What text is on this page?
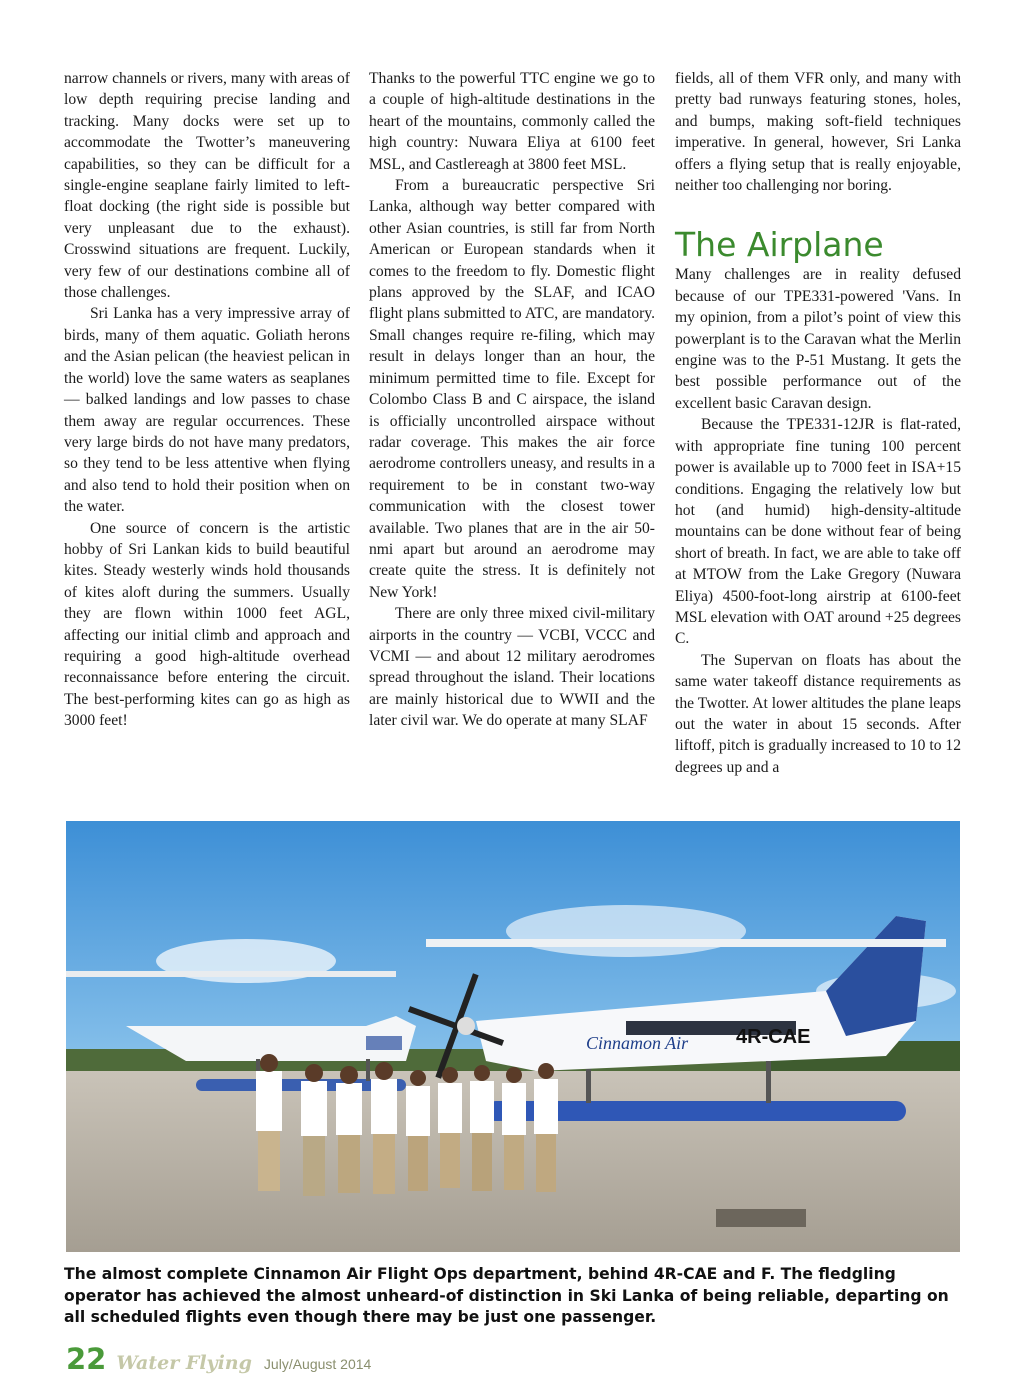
narrow channels or rivers, many with areas of low depth requiring precise landing and tracking. Many docks were set up to accommodate the Twotter’s maneuvering capabilities, so they can be difficult for a single-engine seaplane fairly limited to left-float docking (the right side is possible but very unpleasant due to the exhaust). Crosswind situations are frequent. Luckily, very few of our destinations combine all of those challenges.

Sri Lanka has a very impressive array of birds, many of them aquatic. Goliath herons and the Asian pelican (the heaviest pelican in the world) love the same waters as seaplanes — balked landings and low passes to chase them away are regular occurrences. These very large birds do not have many predators, so they tend to be less attentive when flying and also tend to hold their position when on the water.

One source of concern is the artistic hobby of Sri Lankan kids to build beautiful kites. Steady westerly winds hold thousands of kites aloft during the summers. Usually they are flown within 1000 feet AGL, affecting our initial climb and approach and requiring a good high-altitude overhead reconnaissance before entering the circuit. The best-performing kites can go as high as 3000 feet!

Thanks to the powerful TTC engine we go to a couple of high-altitude destinations in the heart of the mountains, commonly called the high country: Nuwara Eliya at 6100 feet MSL, and Castlereagh at 3800 feet MSL.

From a bureaucratic perspective Sri Lanka, although way better compared with other Asian countries, is still far from North American or European standards when it comes to the freedom to fly. Domestic flight plans approved by the SLAF, and ICAO flight plans submitted to ATC, are mandatory. Small changes require re-filing, which may result in delays longer than an hour, the minimum permitted time to file. Except for Colombo Class B and C airspace, the island is officially uncontrolled airspace without radar coverage. This makes the air force aerodrome controllers uneasy, and results in a requirement to be in constant two-way communication with the closest tower available. Two planes that are in the air 50-nmi apart but around an aerodrome may create quite the stress. It is definitely not New York!

There are only three mixed civil-military airports in the country — VCBI, VCCC and VCMI — and about 12 military aerodromes spread throughout the island. Their locations are mainly historical due to WWII and the later civil war. We do operate at many SLAF

fields, all of them VFR only, and many with pretty bad runways featuring stones, holes, and bumps, making soft-field techniques imperative. In general, however, Sri Lanka offers a flying setup that is really enjoyable, neither too challenging nor boring.

The Airplane

Many challenges are in reality defused because of our TPE331-powered 'Vans. In my opinion, from a pilot’s point of view this powerplant is to the Caravan what the Merlin engine was to the P-51 Mustang. It gets the best possible performance out of the excellent basic Caravan design.

Because the TPE331-12JR is flat-rated, with appropriate fine tuning 100 percent power is available up to 7000 feet in ISA+15 conditions. Engaging the relatively low but hot (and humid) high-density-altitude mountains can be done without fear of being short of breath. In fact, we are able to take off at MTOW from the Lake Gregory (Nuwara Eliya) 4500-foot-long airstrip at 6100-feet MSL elevation with OAT around +25 degrees C.

The Supervan on floats has about the same water takeoff distance requirements as the Twotter. At lower altitudes the plane leaps out the water in about 15 seconds. After liftoff, pitch is gradually increased to 10 to 12 degrees up and a

4R-CAE
Cinnamon Air
The almost complete Cinnamon Air Flight Ops department, behind 4R-CAE and F. The fledgling operator has achieved the almost unheard-of distinction in Ski Lanka of being reliable, departing on all scheduled flights even though there may be just one passenger.
22 Water Flying July/August 2014
